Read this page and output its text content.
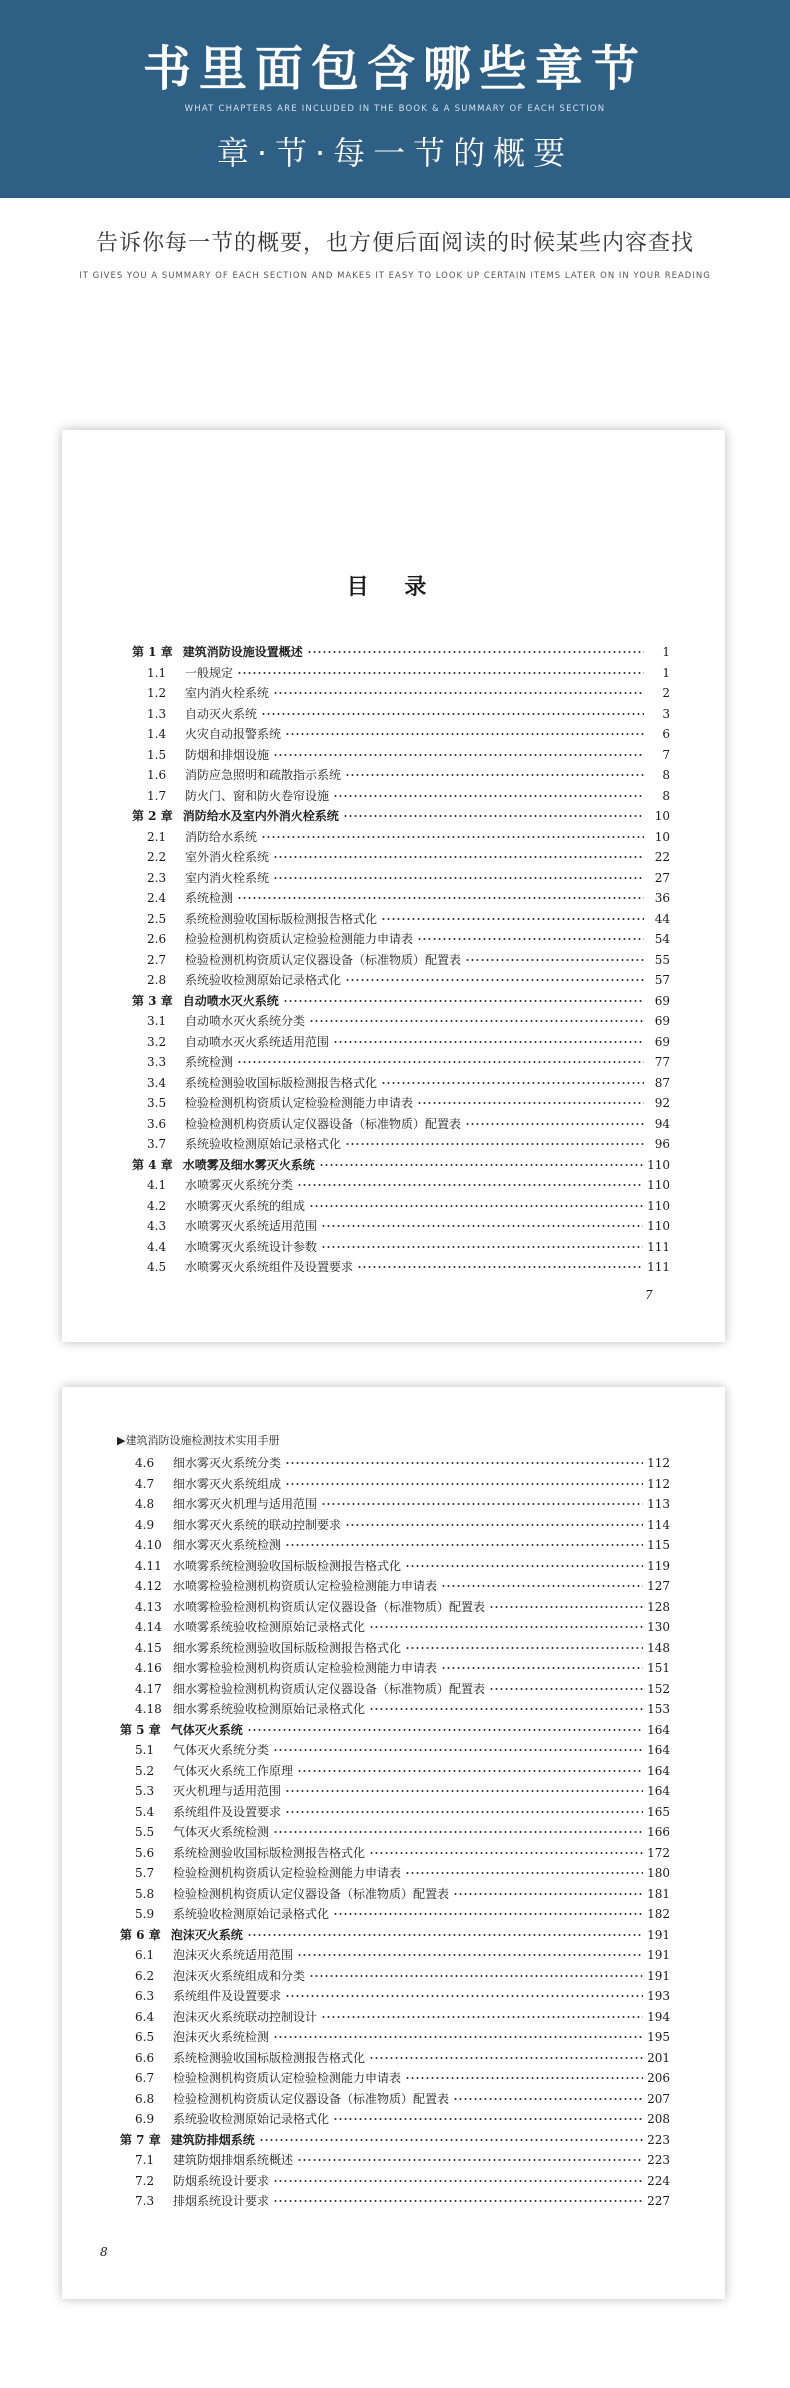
书里面包含哪些章节
WHAT CHAPTERS ARE INCLUDED IN THE BOOK & A SUMMARY OF EACH SECTION
章·节·每一节的概要
告诉你每一节的概要，也方便后面阅读的时候某些内容查找
IT GIVES YOU A SUMMARY OF EACH SECTION AND MAKES IT EASY TO LOOK UP CERTAIN ITEMS LATER ON IN YOUR READING
目 录
第 1 章 建筑消防设施设置概述	1
1.1	一般规定	1
1.2	室内消火栓系统	2
1.3	自动灭火系统	3
1.4	火灾自动报警系统	6
1.5	防烟和排烟设施	7
1.6	消防应急照明和疏散指示系统	8
1.7	防火门、窗和防火卷帘设施	8
第 2 章 消防给水及室内外消火栓系统	10
2.1	消防给水系统	10
2.2	室外消火栓系统	22
2.3	室内消火栓系统	27
2.4	系统检测	36
2.5	系统检测验收国标版检测报告格式化	44
2.6	检验检测机构资质认定检验检测能力申请表	54
2.7	检验检测机构资质认定仪器设备（标准物质）配置表	55
2.8	系统验收检测原始记录格式化	57
第 3 章 自动喷水灭火系统	69
3.1	自动喷水灭火系统分类	69
3.2	自动喷水灭火系统适用范围	69
3.3	系统检测	77
3.4	系统检测验收国标版检测报告格式化	87
3.5	检验检测机构资质认定检验检测能力申请表	92
3.6	检验检测机构资质认定仪器设备（标准物质）配置表	94
3.7	系统验收检测原始记录格式化	96
第 4 章 水喷雾及细水雾灭火系统	110
4.1	水喷雾灭火系统分类	110
4.2	水喷雾灭火系统的组成	110
4.3	水喷雾灭火系统适用范围	110
4.4	水喷雾灭火系统设计参数	111
4.5	水喷雾灭火系统组件及设置要求	111
7
▶建筑消防设施检测技术实用手册
4.6	细水雾灭火系统分类	112
4.7	细水雾灭火系统组成	112
4.8	细水雾灭火机理与适用范围	113
4.9	细水雾灭火系统的联动控制要求	114
4.10 细水雾灭火系统检测	115
4.11 水喷雾系统检测验收国标版检测报告格式化	119
4.12 水喷雾检验检测机构资质认定检验检测能力申请表	127
4.13 水喷雾检验检测机构资质认定仪器设备（标准物质）配置表	128
4.14 水喷雾系统验收检测原始记录格式化	130
4.15 细水雾系统检测验收国标版检测报告格式化	148
4.16 细水雾检验检测机构资质认定检验检测能力申请表	151
4.17 细水雾检验检测机构资质认定仪器设备（标准物质）配置表	152
4.18 细水雾系统验收检测原始记录格式化	153
第 5 章 气体灭火系统	164
5.1	气体灭火系统分类	164
5.2	气体灭火系统工作原理	164
5.3	灭火机理与适用范围	164
5.4	系统组件及设置要求	165
5.5	气体灭火系统检测	166
5.6	系统检测验收国标版检测报告格式化	172
5.7	检验检测机构资质认定检验检测能力申请表	180
5.8	检验检测机构资质认定仪器设备（标准物质）配置表	181
5.9	系统验收检测原始记录格式化	182
第 6 章 泡沫灭火系统	191
6.1	泡沫灭火系统适用范围	191
6.2	泡沫灭火系统组成和分类	191
6.3	系统组件及设置要求	193
6.4	泡沫灭火系统联动控制设计	194
6.5	泡沫灭火系统检测	195
6.6	系统检测验收国标版检测报告格式化	201
6.7	检验检测机构资质认定检验检测能力申请表	206
6.8	检验检测机构资质认定仪器设备（标准物质）配置表	207
6.9	系统验收检测原始记录格式化	208
第 7 章 建筑防排烟系统	223
7.1	建筑防烟排烟系统概述	223
7.2	防烟系统设计要求	224
7.3	排烟系统设计要求	227
8
